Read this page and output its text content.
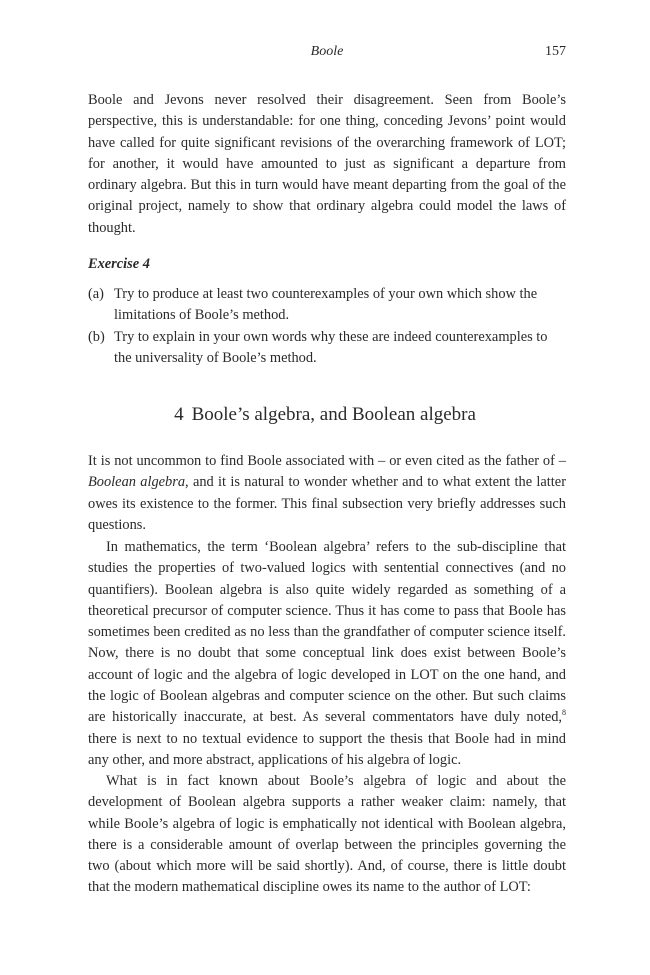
Boole	157

Boole and Jevons never resolved their disagreement. Seen from Boole’s perspective, this is understandable: for one thing, conceding Jevons’ point would have called for quite significant revisions of the overarching framework of LOT; for another, it would have amounted to just as significant a departure from ordinary algebra. But this in turn would have meant departing from the goal of the original project, namely to show that ordinary algebra could model the laws of thought.

Exercise 4
(a) Try to produce at least two counterexamples of your own which show the limitations of Boole’s method.
(b) Try to explain in your own words why these are indeed counterexamples to the universality of Boole’s method.
4 Boole’s algebra, and Boolean algebra

It is not uncommon to find Boole associated with – or even cited as the father of – Boolean algebra, and it is natural to wonder whether and to what extent the latter owes its existence to the former. This final subsection very briefly addresses such questions.

In mathematics, the term ‘Boolean algebra’ refers to the sub-discipline that studies the properties of two-valued logics with sentential connectives (and no quantifiers). Boolean algebra is also quite widely regarded as something of a theoretical precursor of computer science. Thus it has come to pass that Boole has sometimes been credited as no less than the grandfather of computer science itself. Now, there is no doubt that some conceptual link does exist between Boole’s account of logic and the algebra of logic developed in LOT on the one hand, and the logic of Boolean algebras and computer science on the other. But such claims are historically inaccurate, at best. As several commentators have duly noted,$^8$ there is next to no textual evidence to support the thesis that Boole had in mind any other, and more abstract, applications of his algebra of logic.

What is in fact known about Boole’s algebra of logic and about the development of Boolean algebra supports a rather weaker claim: namely, that while Boole’s algebra of logic is emphatically not identical with Boolean algebra, there is a considerable amount of overlap between the principles governing the two (about which more will be said shortly). And, of course, there is little doubt that the modern mathematical discipline owes its name to the author of LOT:
